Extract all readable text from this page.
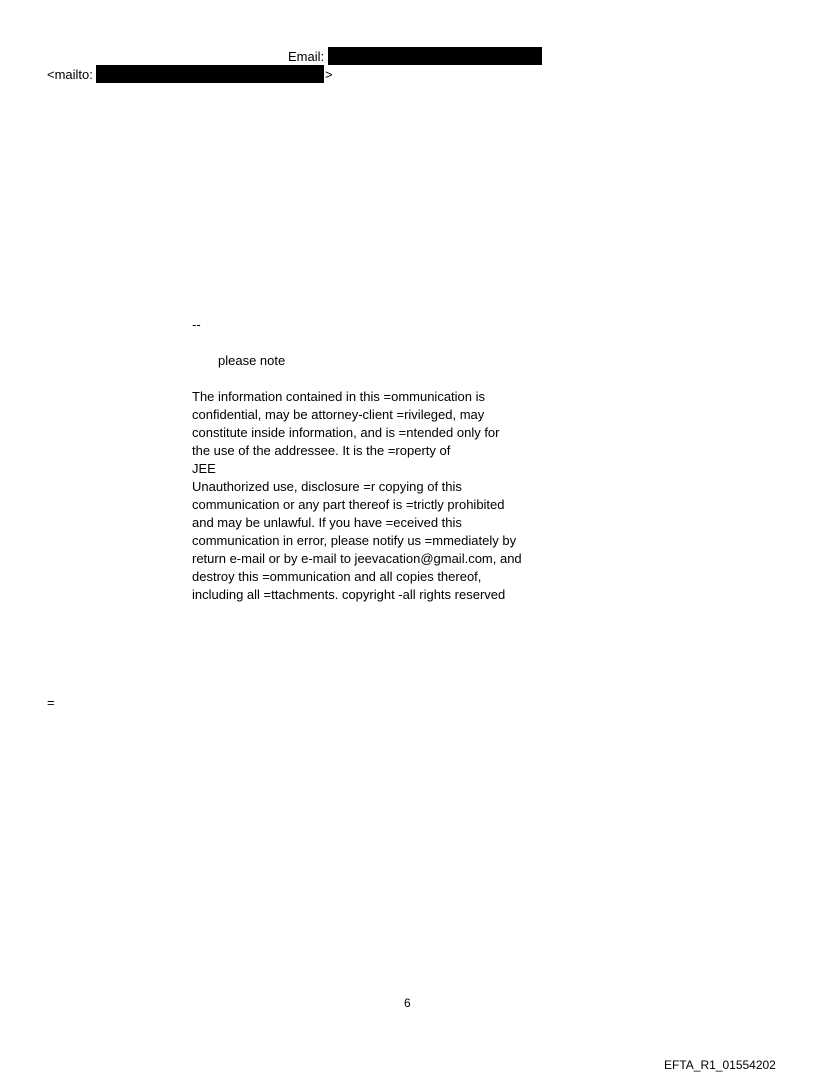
Email:
<mailto:	>
--
please note
The information contained in this =ommunication is
confidential, may be attorney-client =rivileged, may
constitute inside information, and is =ntended only for
the use of the addressee. It is the =roperty of
JEE
Unauthorized use, disclosure =r copying of this
communication or any part thereof is =trictly prohibited
and may be unlawful. If you have =eceived this
communication in error, please notify us =mmediately by
return e-mail or by e-mail to jeevacation@gmail.com, and
destroy this =ommunication and all copies thereof,
including all =ttachments. copyright -all rights reserved
=
6
EFTA_R1_01554202
